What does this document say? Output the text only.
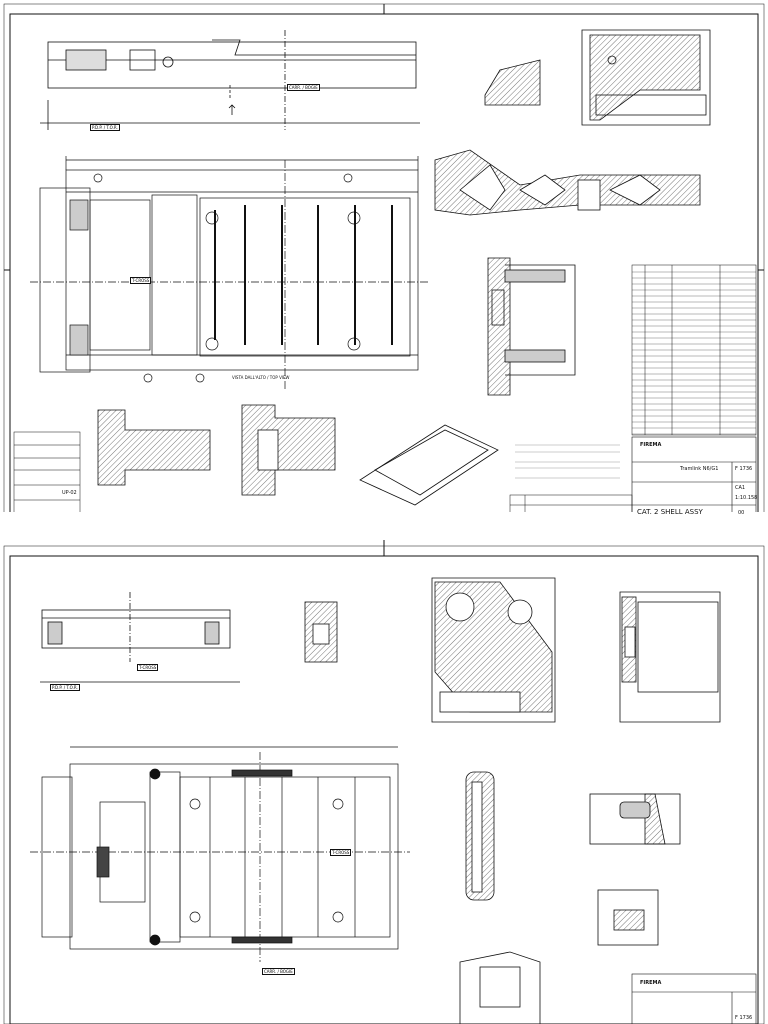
CARR. / BOGIE
P.D.P. / T.O.R.
VISTA DALL'ALTO / TOP VIEW
T-CROSS
FIREMA
Tramlink N6/G1	F 1736
CA1
1:10.158
00
CAT. 2 SHELL ASSY
UP-02
P.D.P. / T.O.R.
CARR. / BOGIE
T-CROSS
T-CROSS
FIREMA
F 1736
